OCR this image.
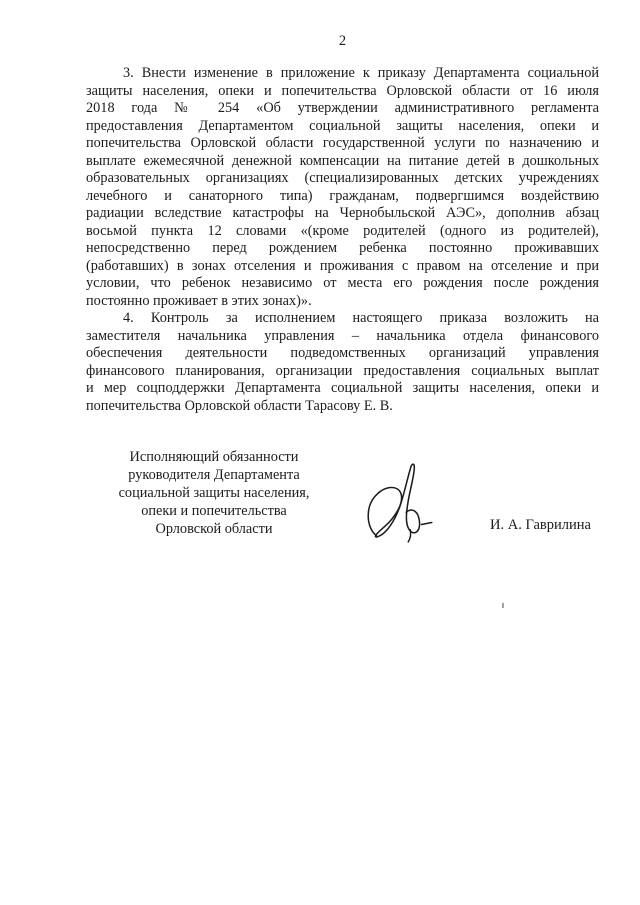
2
3. Внести изменение в приложение к приказу Департамента социальной
защиты населения, опеки и попечительства Орловской области от 16 июля
2018 года № 254 «Об утверждении административного регламента
предоставления Департаментом социальной защиты населения, опеки и
попечительства Орловской области государственной услуги по назначению и
выплате ежемесячной денежной компенсации на питание детей в дошкольных
образовательных организациях (специализированных детских учреждениях
лечебного и санаторного типа) гражданам, подвергшимся воздействию
радиации вследствие катастрофы на Чернобыльской АЭС», дополнив абзац
восьмой пункта 12 словами «(кроме родителей (одного из родителей),
непосредственно перед рождением ребенка постоянно проживавших
(работавших) в зонах отселения и проживания с правом на отселение и при
условии, что ребенок независимо от места его рождения после рождения
постоянно проживает в этих зонах)».
4. Контроль за исполнением настоящего приказа возложить на
заместителя начальника управления – начальника отдела финансового
обеспечения деятельности подведомственных организаций управления
финансового планирования, организации предоставления социальных выплат
и мер соцподдержки Департамента социальной защиты населения, опеки и
попечительства Орловской области Тарасову Е. В.
Исполняющий обязанности
руководителя Департамента
социальной защиты населения,
опеки и попечительства
Орловской области	И. А. Гаврилина
